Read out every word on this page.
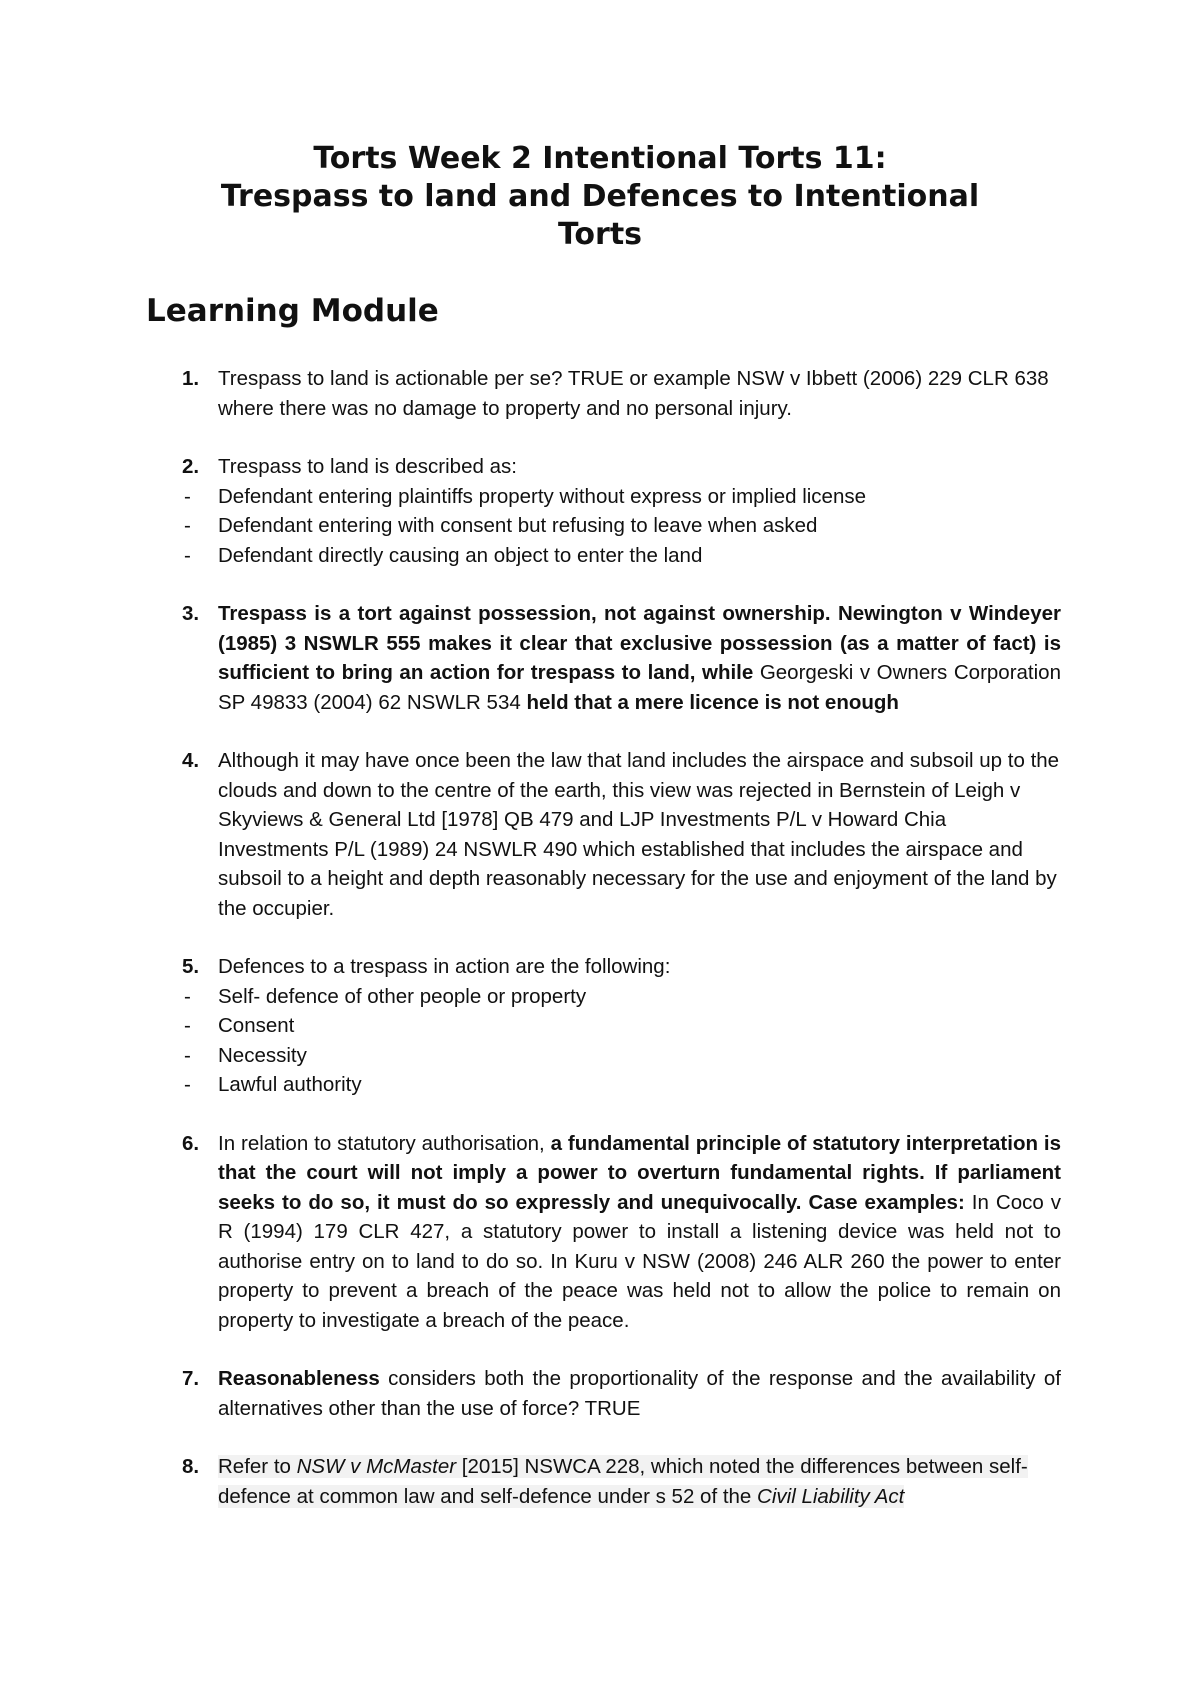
Torts Week 2 Intentional Torts 11:
Trespass to land and Defences to Intentional
Torts
Learning Module
1. Trespass to land is actionable per se? TRUE or example NSW v Ibbett (2006) 229 CLR 638 where there was no damage to property and no personal injury.
2. Trespass to land is described as:
- Defendant entering plaintiffs property without express or implied license
- Defendant entering with consent but refusing to leave when asked
- Defendant directly causing an object to enter the land
3. Trespass is a tort against possession, not against ownership. Newington v Windeyer (1985) 3 NSWLR 555 makes it clear that exclusive possession (as a matter of fact) is sufficient to bring an action for trespass to land, while Georgeski v Owners Corporation SP 49833 (2004) 62 NSWLR 534 held that a mere licence is not enough
4. Although it may have once been the law that land includes the airspace and subsoil up to the clouds and down to the centre of the earth, this view was rejected in Bernstein of Leigh v Skyviews & General Ltd [1978] QB 479 and LJP Investments P/L v Howard Chia Investments P/L (1989) 24 NSWLR 490 which established that includes the airspace and subsoil to a height and depth reasonably necessary for the use and enjoyment of the land by the occupier.
5. Defences to a trespass in action are the following:
- Self- defence of other people or property
- Consent
- Necessity
- Lawful authority
6. In relation to statutory authorisation, a fundamental principle of statutory interpretation is that the court will not imply a power to overturn fundamental rights. If parliament seeks to do so, it must do so expressly and unequivocally. Case examples: In Coco v R (1994) 179 CLR 427, a statutory power to install a listening device was held not to authorise entry on to land to do so. In Kuru v NSW (2008) 246 ALR 260 the power to enter property to prevent a breach of the peace was held not to allow the police to remain on property to investigate a breach of the peace.
7. Reasonableness considers both the proportionality of the response and the availability of alternatives other than the use of force? TRUE
8. Refer to NSW v McMaster [2015] NSWCA 228, which noted the differences between self-defence at common law and self-defence under s 52 of the Civil Liability Act
